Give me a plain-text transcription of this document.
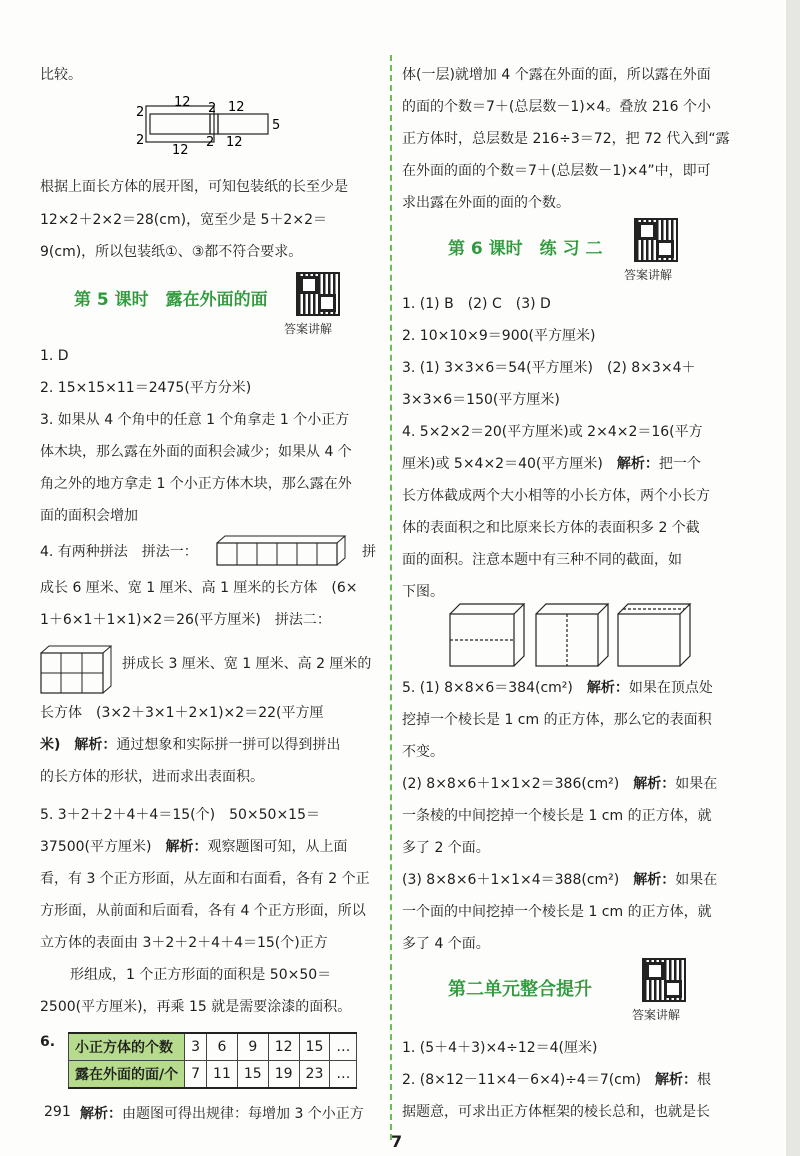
比较。
12	12
2	2
5
2
12
2 12
根据上面长方体的展开图，可知包装纸的长至少是
12×2＋2×2＝28(cm)，宽至少是 5＋2×2＝
9(cm)，所以包装纸①、③都不符合要求。
第 5 课时　露在外面的面
答案讲解
1. D
2. 15×15×11＝2475(平方分米)
3. 如果从 4 个角中的任意 1 个角拿走 1 个小正方
体木块，那么露在外面的面积会减少；如果从 4 个
角之外的地方拿走 1 个小正方体木块，那么露在外
面的面积会增加
4. 有两种拼法　拼法一：	拼
成长 6 厘米、宽 1 厘米、高 1 厘米的长方体　(6×
1＋6×1＋1×1)×2＝26(平方厘米)　拼法二：
拼成长 3 厘米、宽 1 厘米、高 2 厘米的
长方体　(3×2＋3×1＋2×1)×2＝22(平方厘
米)　解析：通过想象和实际拼一拼可以得到拼出
的长方体的形状，进而求出表面积。
5. 3＋2＋2＋4＋4＝15(个)　50×50×15＝
37500(平方厘米)　解析：观察题图可知，从上面
看，有 3 个正方形面，从左面和右面看，各有 2 个正
方形面，从前面和后面看，各有 4 个正方形面，所以
立方体的表面由 3＋2＋2＋4＋4＝15(个)正方
形组成，1 个正方形面的面积是 50×50＝
2500(平方厘米)，再乘 15 就是需要涂漆的面积。
6. 小正方体的个数	3	6	9	12	15	…
露在外面的面/个	7	11	15	19	23	…
解析：由题图可得出规律：每增加 3 个小正方
291
体(一层)就增加 4 个露在外面的面，所以露在外面
的面的个数＝7＋(总层数－1)×4。叠放 216 个小
正方体时，总层数是 216÷3＝72，把 72 代入到“露
在外面的面的个数＝7＋(总层数－1)×4”中，即可
求出露在外面的面的个数。
第 6 课时　练 习 二
答案讲解
1. (1) B　(2) C　(3) D
2. 10×10×9＝900(平方厘米)
3. (1) 3×3×6＝54(平方厘米)　(2) 8×3×4＋
3×3×6＝150(平方厘米)
4. 5×2×2＝20(平方厘米)或 2×4×2＝16(平方
厘米)或 5×4×2＝40(平方厘米)　解析：把一个
长方体截成两个大小相等的小长方体，两个小长方
体的表面积之和比原来长方体的表面积多 2 个截
面的面积。注意本题中有三种不同的截面，如
下图。
5. (1) 8×8×6＝384(cm²)　解析：如果在顶点处
挖掉一个棱长是 1 cm 的正方体，那么它的表面积
不变。
(2) 8×8×6＋1×1×2＝386(cm²)　解析：如果在
一条棱的中间挖掉一个棱长是 1 cm 的正方体，就
多了 2 个面。
(3) 8×8×6＋1×1×4＝388(cm²)　解析：如果在
一个面的中间挖掉一个棱长是 1 cm 的正方体，就
多了 4 个面。
第二单元整合提升
答案讲解
1. (5＋4＋3)×4÷12＝4(厘米)
2. (8×12－11×4－6×4)÷4＝7(cm)　解析：根
据题意，可求出正方体框架的棱长总和，也就是长
7
